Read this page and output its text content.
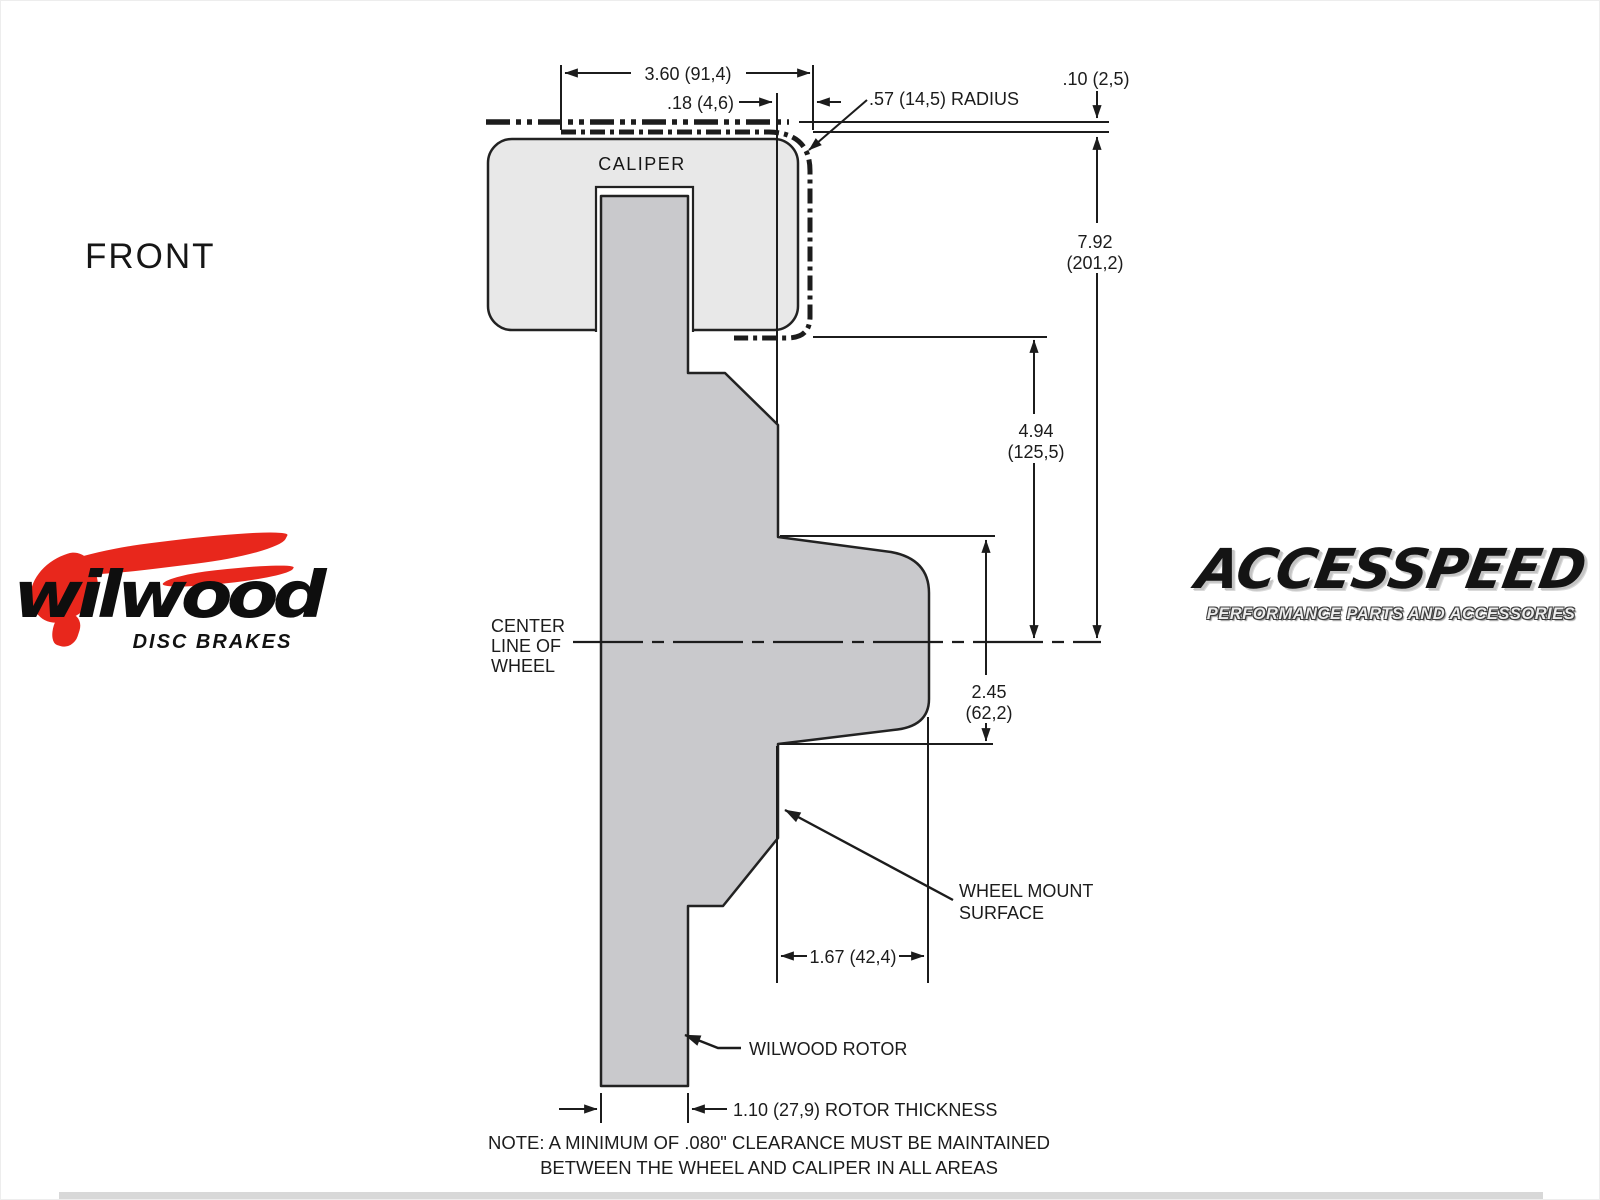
FRONT
wilwood
DISC BRAKES
ACCESSPEED
PERFORMANCE PARTS AND ACCESSORIES
CALIPER
CENTER
LINE OF
WHEEL
3.60 (91,4)
.18 (4,6)	.57 (14,5) RADIUS
.10 (2,5)
7.92
(201,2)
4.94
(125,5)
2.45
(62,2)
1.67 (42,4)
WHEEL MOUNT
SURFACE
WILWOOD ROTOR
1.10 (27,9) ROTOR THICKNESS
NOTE: A MINIMUM OF .080" CLEARANCE MUST BE MAINTAINED
BETWEEN THE WHEEL AND CALIPER IN ALL AREAS
